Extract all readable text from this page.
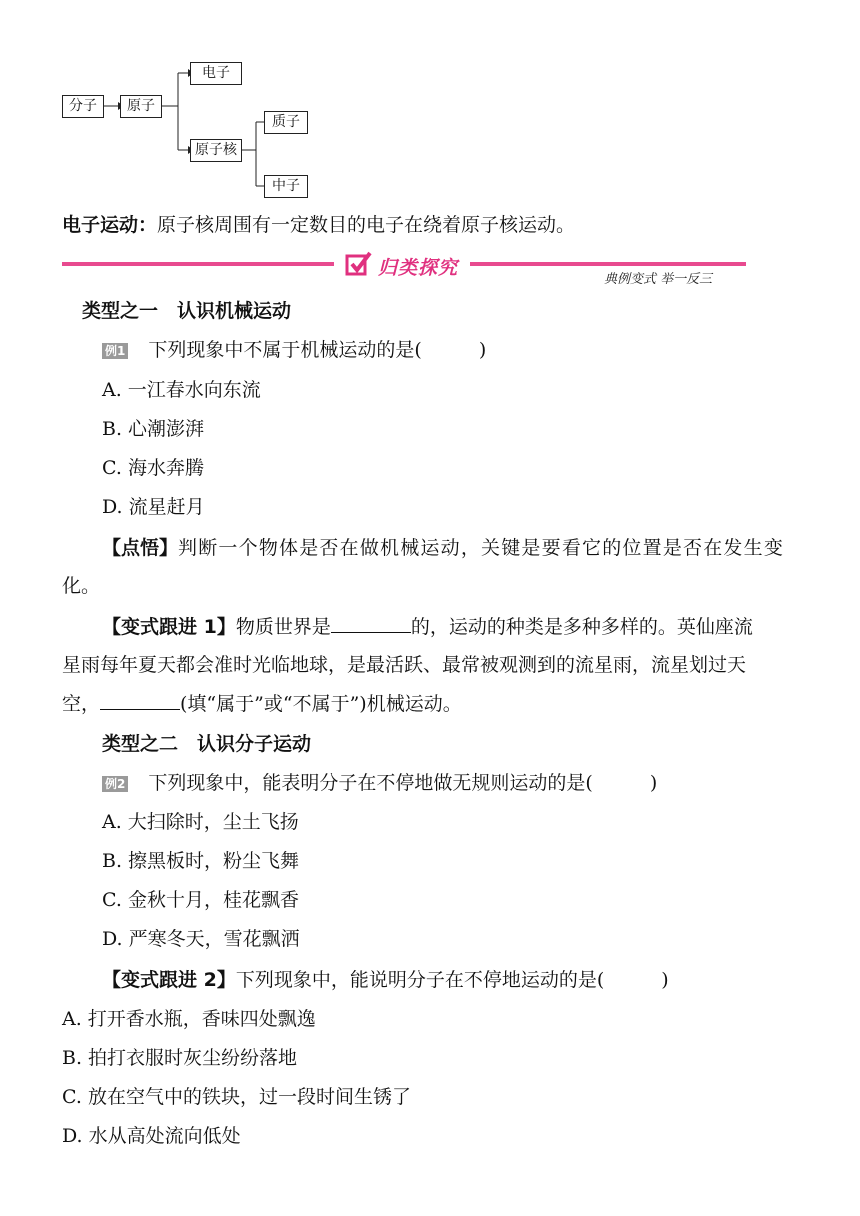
分子	原子
电子
原子核
质子
中子
电子运动：原子核周围有一定数目的电子在绕着原子核运动。
归类探究
典例变式 举一反三
类型之一　认识机械运动
例1 下列现象中不属于机械运动的是(　　　)
A. 一江春水向东流
B. 心潮澎湃
C. 海水奔腾
D. 流星赶月
【点悟】判断一个物体是否在做机械运动，关键是要看它的位置是否在发生变
化。
【变式跟进 1】物质世界是	的，运动的种类是多种多样的。英仙座流
星雨每年夏天都会准时光临地球，是最活跃、最常被观测到的流星雨，流星划过天
空，	(填“属于”或“不属于”)机械运动。
类型之二　认识分子运动
例2 下列现象中，能表明分子在不停地做无规则运动的是(　　　)
A. 大扫除时，尘土飞扬
B. 擦黑板时，粉尘飞舞
C. 金秋十月，桂花飘香
D. 严寒冬天，雪花飘洒
【变式跟进 2】下列现象中，能说明分子在不停地运动的是(　　　)
A. 打开香水瓶，香味四处飘逸
B. 拍打衣服时灰尘纷纷落地
C. 放在空气中的铁块，过一段时间生锈了
D. 水从高处流向低处
